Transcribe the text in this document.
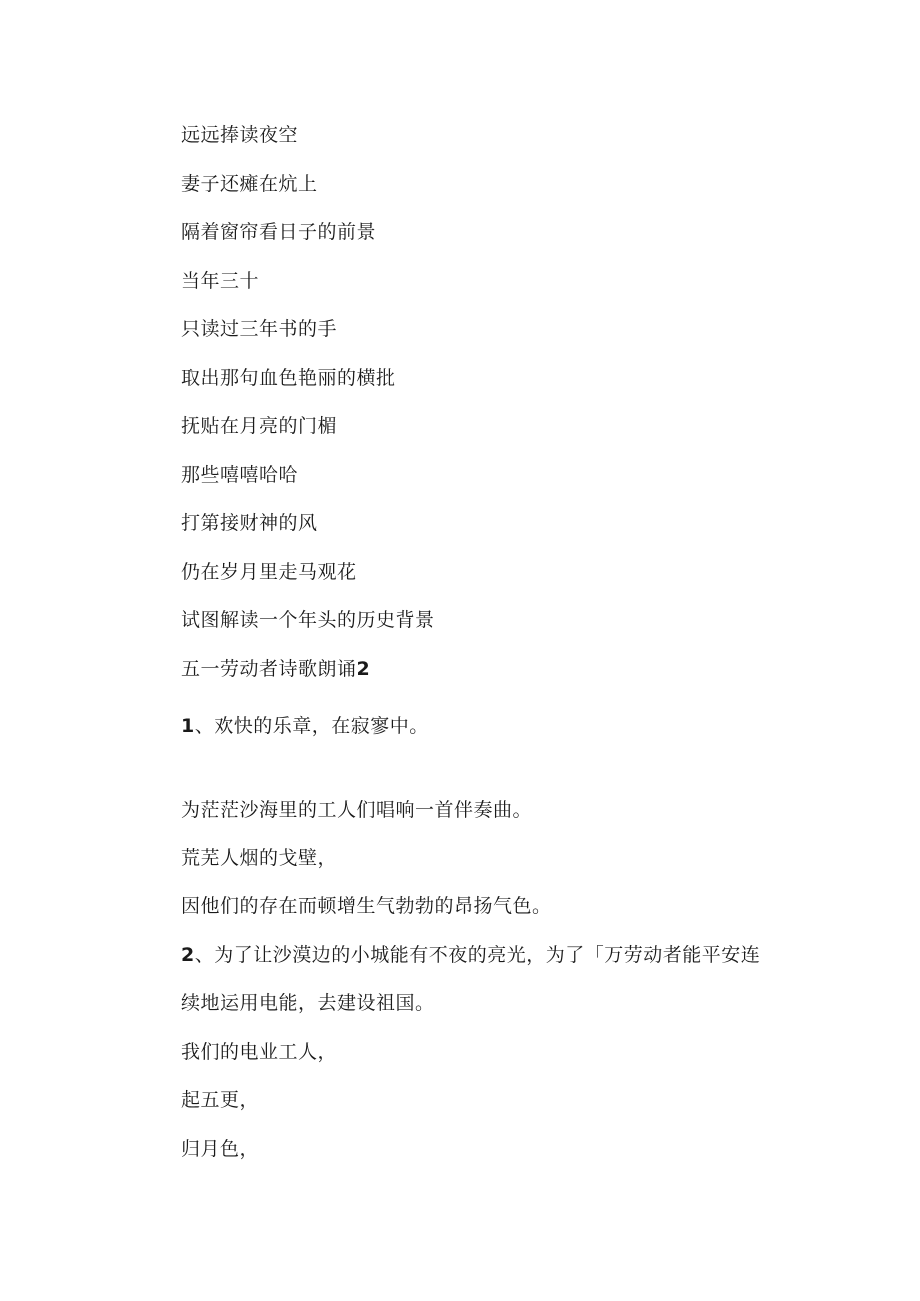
远远捧读夜空
妻子还瘫在炕上
隔着窗帘看日子的前景
当年三十
只读过三年书的手
取出那句血色艳丽的横批
抚贴在月亮的门楣
那些嘻嘻哈哈
打第接财神的风
仍在岁月里走马观花
试图解读一个年头的历史背景
五一劳动者诗歌朗诵2
1、欢快的乐章，在寂寥中。
为茫茫沙海里的工人们唱响一首伴奏曲。
荒芜人烟的戈壁，
因他们的存在而顿增生气勃勃的昂扬气色。
2、为了让沙漠边的小城能有不夜的亮光，为了「万劳动者能平安连
续地运用电能，去建设祖国。
我们的电业工人，
起五更，
归月色，
